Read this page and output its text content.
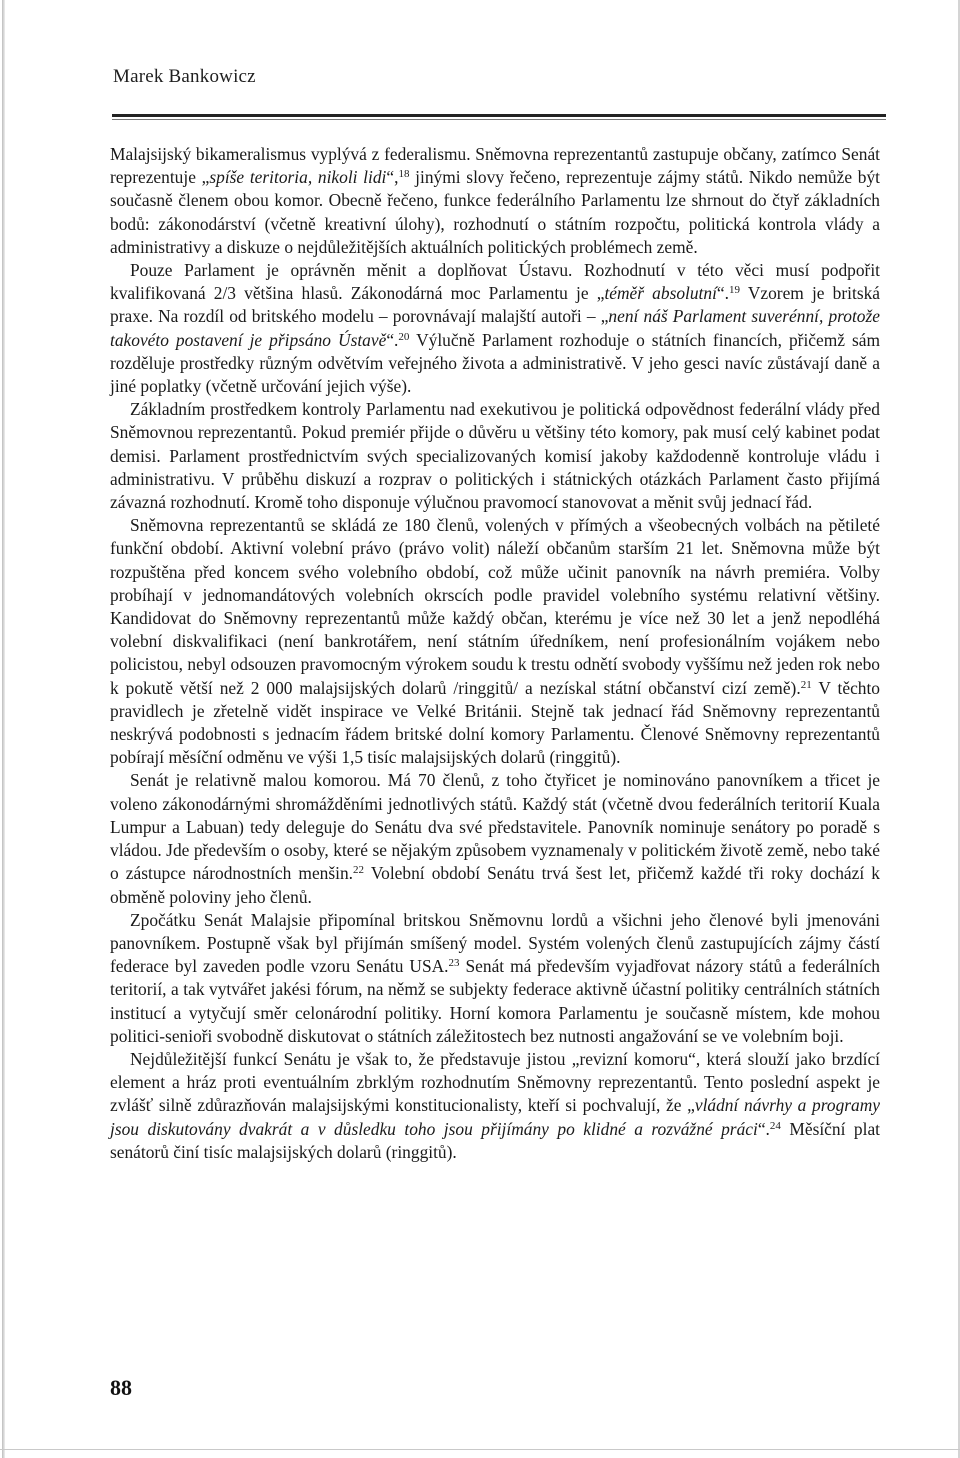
Marek Bankowicz

Malajsijský bikameralismus vyplývá z federalismu. Sněmovna reprezentantů zastupuje občany, zatímco Senát reprezentuje „spíše teritoria, nikoli lidi“,$^{18}$ jinými slovy řečeno, reprezentuje zájmy států. Nikdo nemůže být současně členem obou komor. Obecně řečeno, funkce federálního Parlamentu lze shrnout do čtyř základních bodů: zákonodárství (včetně kreativní úlohy), rozhodnutí o státním rozpočtu, politická kontrola vlády a administrativy a diskuze o nejdůležitějších aktuálních politických problémech země.

Pouze Parlament je oprávněn měnit a doplňovat Ústavu. Rozhodnutí v této věci musí podpořit kvalifikovaná 2/3 většina hlasů. Zákonodárná moc Parlamentu je „téměř absolutní“.$^{19}$ Vzorem je britská praxe. Na rozdíl od britského modelu – porovnávají malajští autoři – „není náš Parlament suverénní, protože takovéto postavení je připsáno Ústavě“.$^{20}$ Výlučně Parlament rozhoduje o státních financích, přičemž sám rozděluje prostředky různým odvětvím veřejného života a administrativě. V jeho gesci navíc zůstávají daně a jiné poplatky (včetně určování jejich výše).

Základním prostředkem kontroly Parlamentu nad exekutivou je politická odpovědnost federální vlády před Sněmovnou reprezentantů. Pokud premiér přijde o důvěru u většiny této komory, pak musí celý kabinet podat demisi. Parlament prostřednictvím svých specializovaných komisí jakoby každodenně kontroluje vládu i administrativu. V průběhu diskuzí a rozprav o politických i státnických otázkách Parlament často přijímá závazná rozhodnutí. Kromě toho disponuje výlučnou pravomocí stanovovat a měnit svůj jednací řád.

Sněmovna reprezentantů se skládá ze 180 členů, volených v přímých a všeobecných volbách na pětileté funkční období. Aktivní volební právo (právo volit) náleží občanům starším 21 let. Sněmovna může být rozpuštěna před koncem svého volebního období, což může učinit panovník na návrh premiéra. Volby probíhají v jednomandátových volebních okrscích podle pravidel volebního systému relativní většiny. Kandidovat do Sněmovny reprezentantů může každý občan, kterému je více než 30 let a jenž nepodléhá volební diskvalifikaci (není bankrotářem, není státním úředníkem, není profesionálním vojákem nebo policistou, nebyl odsouzen pravomocným výrokem soudu k trestu odnětí svobody vyššímu než jeden rok nebo k pokutě větší než 2 000 malajsijských dolarů /ringgitů/ a nezískal státní občanství cizí země).$^{21}$ V těchto pravidlech je zřetelně vidět inspirace ve Velké Británii. Stejně tak jednací řád Sněmovny reprezentantů neskrývá podobnosti s jednacím řádem britské dolní komory Parlamentu. Členové Sněmovny reprezentantů pobírají měsíční odměnu ve výši 1,5 tisíc malajsijských dolarů (ringgitů).

Senát je relativně malou komorou. Má 70 členů, z toho čtyřicet je nominováno panovníkem a třicet je voleno zákonodárnými shromážděními jednotlivých států. Každý stát (včetně dvou federálních teritorií Kuala Lumpur a Labuan) tedy deleguje do Senátu dva své představitele. Panovník nominuje senátory po poradě s vládou. Jde především o osoby, které se nějakým způsobem vyznamenaly v politickém životě země, nebo také o zástupce národnostních menšin.$^{22}$ Volební období Senátu trvá šest let, přičemž každé tři roky dochází k obměně poloviny jeho členů.

Zpočátku Senát Malajsie připomínal britskou Sněmovnu lordů a všichni jeho členové byli jmenováni panovníkem. Postupně však byl přijímán smíšený model. Systém volených členů zastupujících zájmy částí federace byl zaveden podle vzoru Senátu USA.$^{23}$ Senát má především vyjadřovat názory států a federálních teritorií, a tak vytvářet jakési fórum, na němž se subjekty federace aktivně účastní politiky centrálních státních institucí a vytyčují směr celonárodní politiky. Horní komora Parlamentu je současně místem, kde mohou politici-senioři svobodně diskutovat o státních záležitostech bez nutnosti angažování se ve volebním boji.

Nejdůležitější funkcí Senátu je však to, že představuje jistou „revizní komoru“, která slouží jako brzdící element a hráz proti eventuálním zbrklým rozhodnutím Sněmovny reprezentantů. Tento poslední aspekt je zvlášť silně zdůrazňován malajsijskými konstitucionalisty, kteří si pochvalují, že „vládní návrhy a programy jsou diskutovány dvakrát a v důsledku toho jsou přijímány po klidné a rozvážné práci“.$^{24}$ Měsíční plat senátorů činí tisíc malajsijských dolarů (ringgitů).

88
